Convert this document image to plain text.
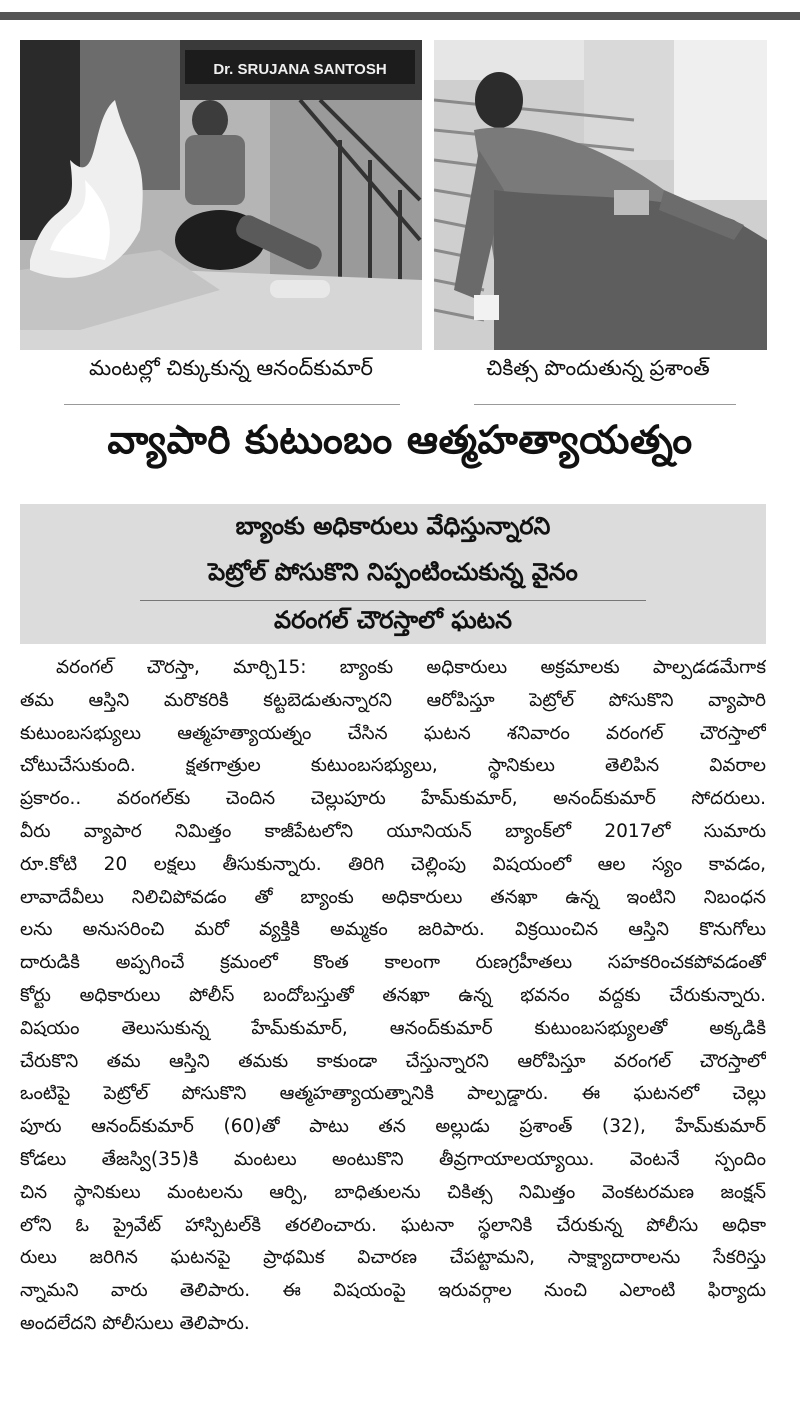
Dr. SRUJANA SANTOSH
మంటల్లో చిక్కుకున్న ఆనంద్‌కుమార్	చికిత్స పొందుతున్న ప్రశాంత్
వ్యాపారి కుటుంబం ఆత్మహత్యాయత్నం
బ్యాంకు అధికారులు వేధిస్తున్నారని
పెట్రోల్ పోసుకొని నిప్పంటించుకున్న వైనం
వరంగల్ చౌరస్తాలో ఘటన
వరంగల్ చౌరస్తా, మార్చి15: బ్యాంకు అధికారులు అక్రమాలకు పాల్పడడమేగాక
తమ ఆస్తిని మరొకరికి కట్టబెడుతున్నారని ఆరోపిస్తూ పెట్రోల్ పోసుకొని వ్యాపారి
కుటుంబసభ్యులు ఆత్మహత్యాయత్నం చేసిన ఘటన శనివారం వరంగల్ చౌరస్తాలో
చోటుచేసుకుంది. క్షతగాత్రుల కుటుంబసభ్యులు, స్థానికులు తెలిపిన వివరాల
ప్రకారం.. వరంగల్‌కు చెందిన చెల్లుపూరు హేమ్‌కుమార్, అనంద్‌కుమార్ సోదరులు.
వీరు వ్యాపార నిమిత్తం కాజీపేటలోని యూనియన్ బ్యాంక్‌లో 2017లో సుమారు
రూ.కోటి 20 లక్షలు తీసుకున్నారు. తిరిగి చెల్లింపు విషయంలో ఆల స్యం కావడం,
లావాదేవీలు నిలిచిపోవడం తో బ్యాంకు అధికారులు తనఖా ఉన్న ఇంటిని నిబంధన
లను అనుసరించి మరో వ్యక్తికి అమ్మకం జరిపారు. విక్రయించిన ఆస్తిని కొనుగోలు
దారుడికి అప్పగించే క్రమంలో కొంత కాలంగా రుణగ్రహీతలు సహకరించకపోవడంతో
కోర్టు అధికారులు పోలీస్ బందోబస్తుతో తనఖా ఉన్న భవనం వద్దకు చేరుకున్నారు.
విషయం తెలుసుకున్న హేమ్‌కుమార్, ఆనంద్‌కుమార్ కుటుంబసభ్యులతో అక్కడికి
చేరుకొని తమ ఆస్తిని తమకు కాకుండా చేస్తున్నారని ఆరోపిస్తూ వరంగల్ చౌరస్తాలో
ఒంటిపై పెట్రోల్ పోసుకొని ఆత్మహత్యాయత్నానికి పాల్పడ్డారు. ఈ ఘటనలో చెల్లు
పూరు ఆనంద్‌కుమార్ (60)తో పాటు తన అల్లుడు ప్రశాంత్ (32), హేమ్‌కుమార్
కోడలు తేజస్వి(35)కి మంటలు అంటుకొని తీవ్రగాయాలయ్యాయి. వెంటనే స్పందిం
చిన స్థానికులు మంటలను ఆర్పి, బాధితులను చికిత్స నిమిత్తం వెంకటరమణ జంక్షన్
లోని ఓ ప్రైవేట్ హాస్పిటల్‌కి తరలించారు. ఘటనా స్థలానికి చేరుకున్న పోలీసు అధికా
రులు జరిగిన ఘటనపై ప్రాథమిక విచారణ చేపట్టామని, సాక్ష్యాదారాలను సేకరిస్తు
న్నామని వారు తెలిపారు. ఈ విషయంపై ఇరువర్గాల నుంచి ఎలాంటి ఫిర్యాదు
అందలేదని పోలీసులు తెలిపారు.
